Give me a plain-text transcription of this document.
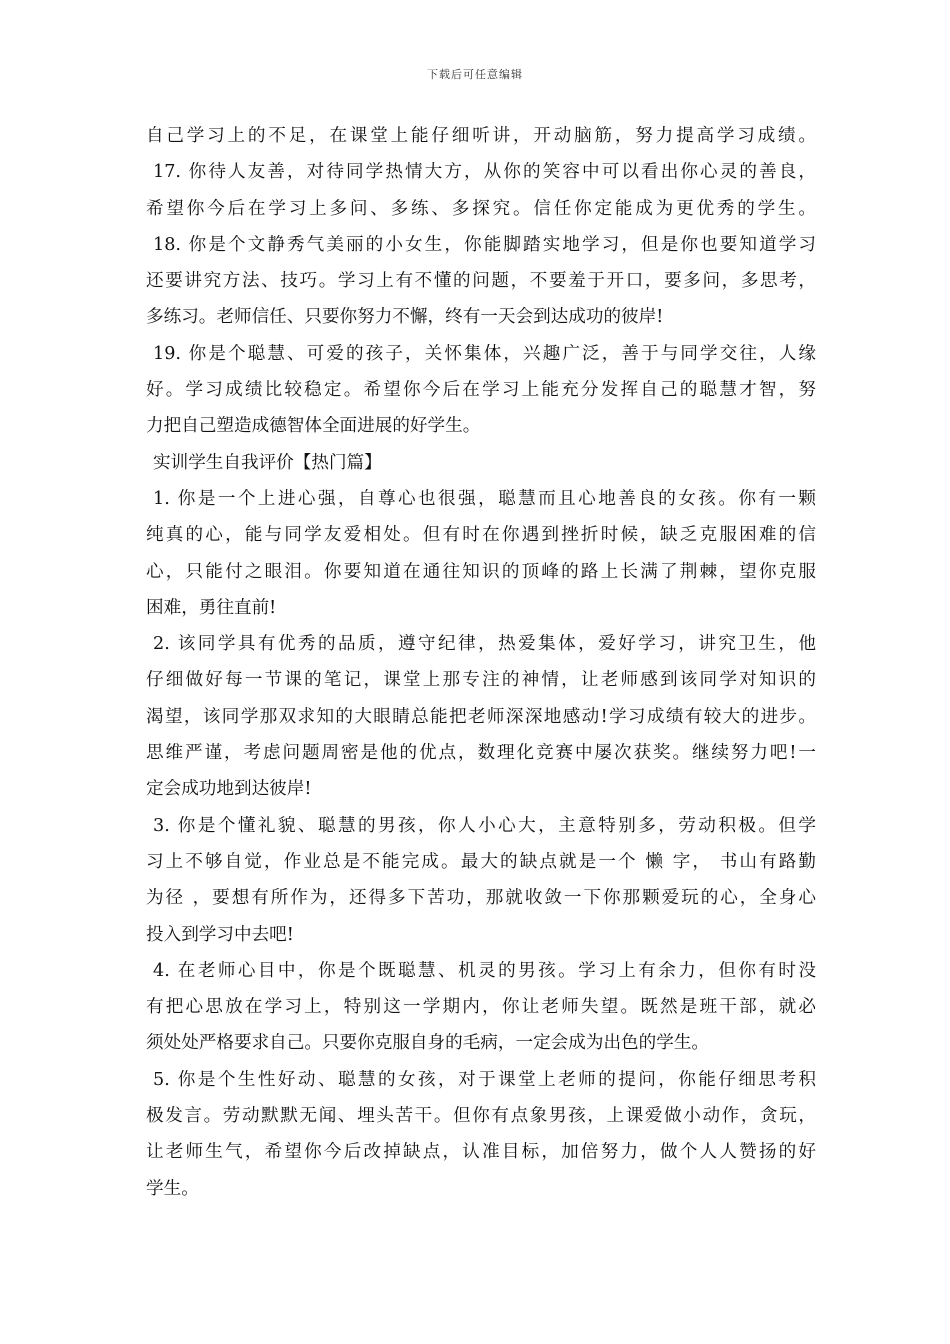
下载后可任意编辑
自己学习上的不足，在课堂上能仔细听讲，开动脑筋，努力提高学习成绩。
17. 你待人友善，对待同学热情大方，从你的笑容中可以看出你心灵的善良，
希望你今后在学习上多问、多练、多探究。信任你定能成为更优秀的学生。
18. 你是个文静秀气美丽的小女生，你能脚踏实地学习，但是你也要知道学习
还要讲究方法、技巧。学习上有不懂的问题，不要羞于开口，要多问，多思考，
多练习。老师信任、只要你努力不懈，终有一天会到达成功的彼岸!
19. 你是个聪慧、可爱的孩子，关怀集体，兴趣广泛，善于与同学交往，人缘
好。学习成绩比较稳定。希望你今后在学习上能充分发挥自己的聪慧才智，努
力把自己塑造成德智体全面进展的好学生。
实训学生自我评价【热门篇】
1. 你是一个上进心强，自尊心也很强，聪慧而且心地善良的女孩。你有一颗
纯真的心，能与同学友爱相处。但有时在你遇到挫折时候，缺乏克服困难的信
心，只能付之眼泪。你要知道在通往知识的顶峰的路上长满了荆棘，望你克服
困难，勇往直前!
2. 该同学具有优秀的品质，遵守纪律，热爱集体，爱好学习，讲究卫生，他
仔细做好每一节课的笔记，课堂上那专注的神情，让老师感到该同学对知识的
渴望，该同学那双求知的大眼睛总能把老师深深地感动!学习成绩有较大的进步。
思维严谨，考虑问题周密是他的优点，数理化竞赛中屡次获奖。继续努力吧!一
定会成功地到达彼岸!
3. 你是个懂礼貌、聪慧的男孩，你人小心大，主意特别多，劳动积极。但学
习上不够自觉，作业总是不能完成。最大的缺点就是一个 懒 字， 书山有路勤
为径 ，要想有所作为，还得多下苦功，那就收敛一下你那颗爱玩的心，全身心
投入到学习中去吧!
4. 在老师心目中，你是个既聪慧、机灵的男孩。学习上有余力，但你有时没
有把心思放在学习上，特别这一学期内，你让老师失望。既然是班干部，就必
须处处严格要求自己。只要你克服自身的毛病，一定会成为出色的学生。
5. 你是个生性好动、聪慧的女孩，对于课堂上老师的提问，你能仔细思考积
极发言。劳动默默无闻、埋头苦干。但你有点象男孩，上课爱做小动作，贪玩，
让老师生气，希望你今后改掉缺点，认准目标，加倍努力，做个人人赞扬的好
学生。
